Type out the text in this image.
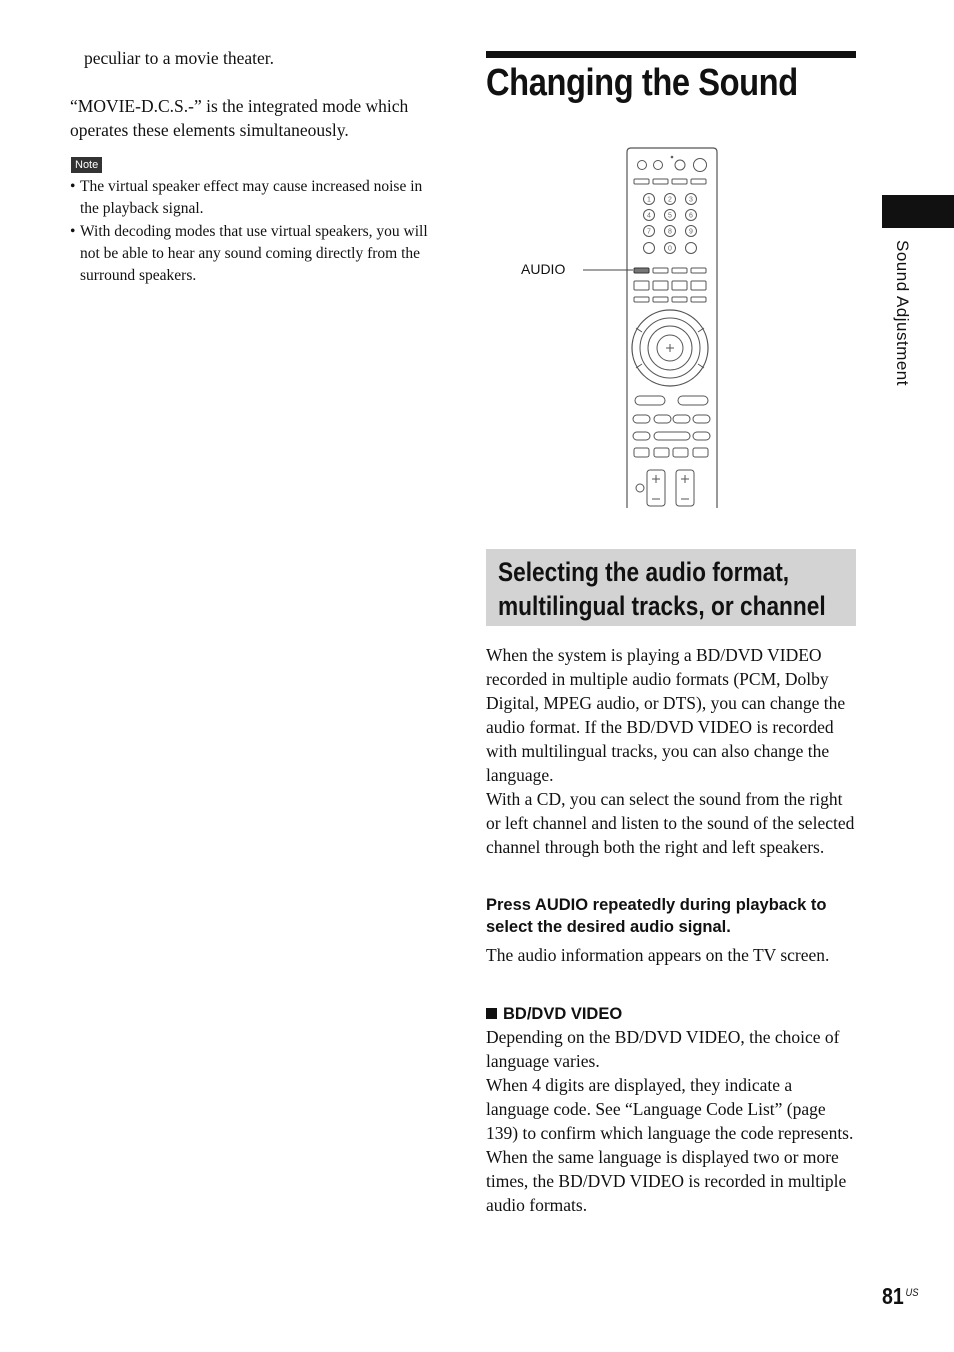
peculiar to a movie theater.

“MOVIE-D.C.S.-” is the integrated mode which operates these elements simultaneously.

Note
• The virtual speaker effect may cause increased noise in the playback signal.
• With decoding modes that use virtual speakers, you will not be able to hear any sound coming directly from the surround speakers.
Changing the Sound
1 2 3
4 5 6
7 8 9
0
AUDIO
Selecting the audio format,
multilingual tracks, or channel

When the system is playing a BD/DVD VIDEO recorded in multiple audio formats (PCM, Dolby Digital, MPEG audio, or DTS), you can change the audio format. If the BD/DVD VIDEO is recorded with multilingual tracks, you can also change the language.

With a CD, you can select the sound from the right or left channel and listen to the sound of the selected channel through both the right and left speakers.

Press AUDIO repeatedly during playback to select the desired audio signal.

The audio information appears on the TV screen.

BD/DVD VIDEO

Depending on the BD/DVD VIDEO, the choice of language varies.

When 4 digits are displayed, they indicate a language code. See “Language Code List” (page 139) to confirm which language the code represents. When the same language is displayed two or more times, the BD/DVD VIDEO is recorded in multiple audio formats.

Sound Adjustment
81 $^{US}$
